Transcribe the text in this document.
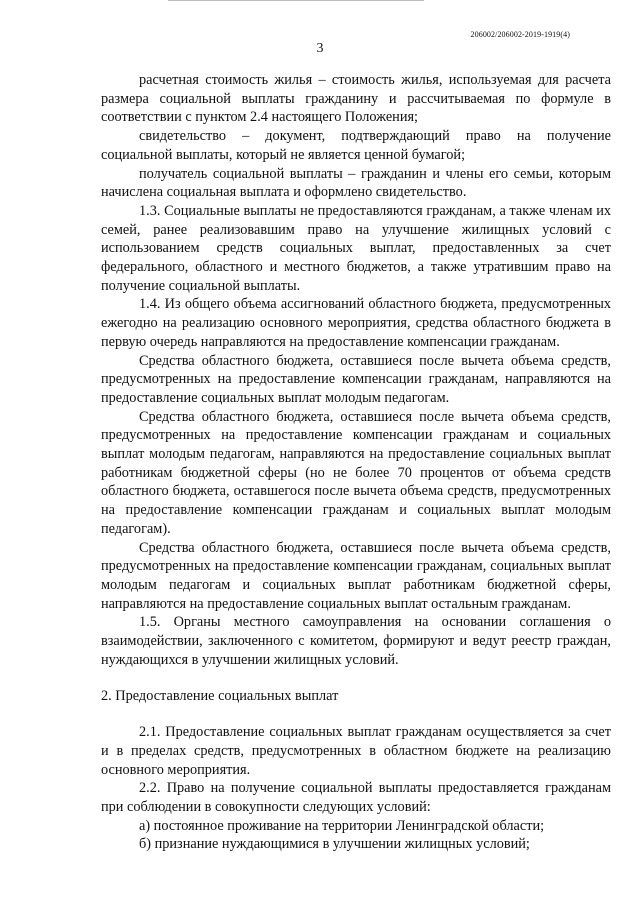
206002/206002-2019-1919(4)
3

расчетная стоимость жилья – стоимость жилья, используемая для расчета размера социальной выплаты гражданину и рассчитываемая по формуле в соответствии с пунктом 2.4 настоящего Положения;

свидетельство – документ, подтверждающий право на получение социальной выплаты, который не является ценной бумагой;

получатель социальной выплаты – гражданин и члены его семьи, которым начислена социальная выплата и оформлено свидетельство.

1.3. Социальные выплаты не предоставляются гражданам, а также членам их семей, ранее реализовавшим право на улучшение жилищных условий с использованием средств социальных выплат, предоставленных за счет федерального, областного и местного бюджетов, а также утратившим право на получение социальной выплаты.

1.4. Из общего объема ассигнований областного бюджета, предусмотренных ежегодно на реализацию основного мероприятия, средства областного бюджета в первую очередь направляются на предоставление компенсации гражданам.

Средства областного бюджета, оставшиеся после вычета объема средств, предусмотренных на предоставление компенсации гражданам, направляются на предоставление социальных выплат молодым педагогам.

Средства областного бюджета, оставшиеся после вычета объема средств, предусмотренных на предоставление компенсации гражданам и социальных выплат молодым педагогам, направляются на предоставление социальных выплат работникам бюджетной сферы (но не более 70 процентов от объема средств областного бюджета, оставшегося после вычета объема средств, предусмотренных на предоставление компенсации гражданам и социальных выплат молодым педагогам).

Средства областного бюджета, оставшиеся после вычета объема средств, предусмотренных на предоставление компенсации гражданам, социальных выплат молодым педагогам и социальных выплат работникам бюджетной сферы, направляются на предоставление социальных выплат остальным гражданам.

1.5. Органы местного самоуправления на основании соглашения о взаимодействии, заключенного с комитетом, формируют и ведут реестр граждан, нуждающихся в улучшении жилищных условий.

2. Предоставление социальных выплат

2.1. Предоставление социальных выплат гражданам осуществляется за счет и в пределах средств, предусмотренных в областном бюджете на реализацию основного мероприятия.

2.2. Право на получение социальной выплаты предоставляется гражданам при соблюдении в совокупности следующих условий:

а) постоянное проживание на территории Ленинградской области;

б) признание нуждающимися в улучшении жилищных условий;
